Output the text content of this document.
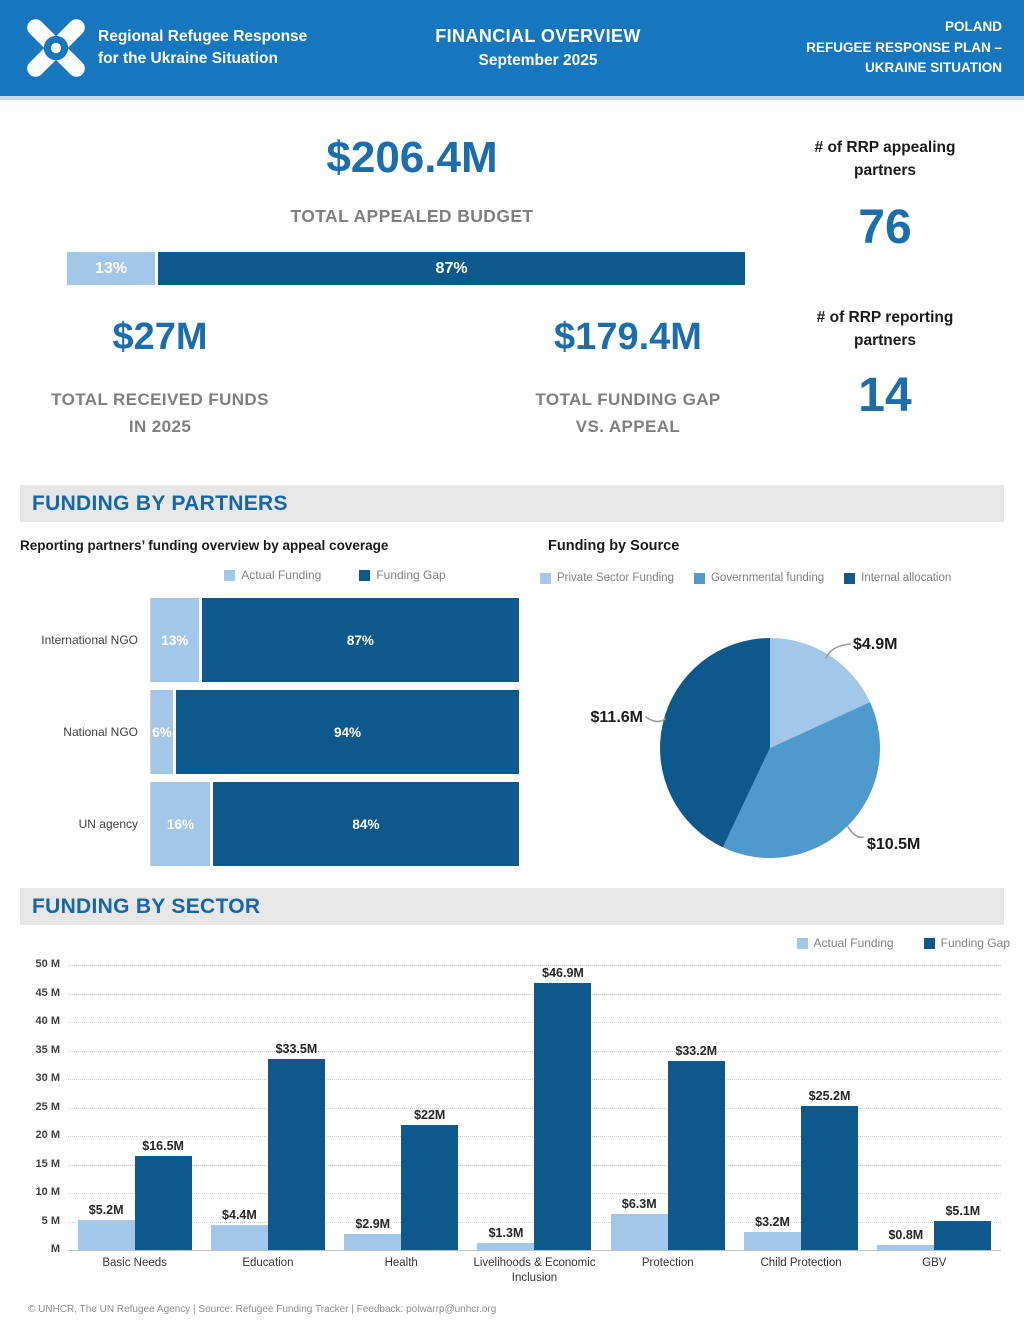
Regional Refugee Response
for the Ukraine Situation
FINANCIAL OVERVIEW
September 2025
POLAND
REFUGEE RESPONSE PLAN –
UKRAINE SITUATION
$206.4M
TOTAL APPEALED BUDGET
13%	87%
$27M
TOTAL RECEIVED FUNDS
IN 2025
$179.4M
TOTAL FUNDING GAP
VS. APPEAL
# of RRP appealing
partners
76
# of RRP reporting
partners
14
FUNDING BY PARTNERS
Reporting partners’ funding overview by appeal coverage
Actual Funding	Funding Gap
International NGO	13%	87%
National NGO	6%	94%
UN agency	16%	84%
Funding by Source
Private Sector Funding	Governmental funding	Internal allocation
$4.9M
$11.6M
$10.5M
FUNDING BY SECTOR
Actual Funding	Funding Gap
50 M
45 M
40 M
35 M
30 M
25 M
20 M
15 M
10 M
5 M
M
$5.2M
$16.5M
$4.4M
$33.5M
$2.9M
$22M
$1.3M
$46.9M
$6.3M
$33.2M
$3.2M
$25.2M
$0.8M
$5.1M
Basic Needs	Education	Health	Livelihoods & Economic Inclusion
Protection	Child Protection	GBV
© UNHCR, The UN Refugee Agency | Source: Refugee Funding Tracker | Feedback: polwarrp@unhcr.org
